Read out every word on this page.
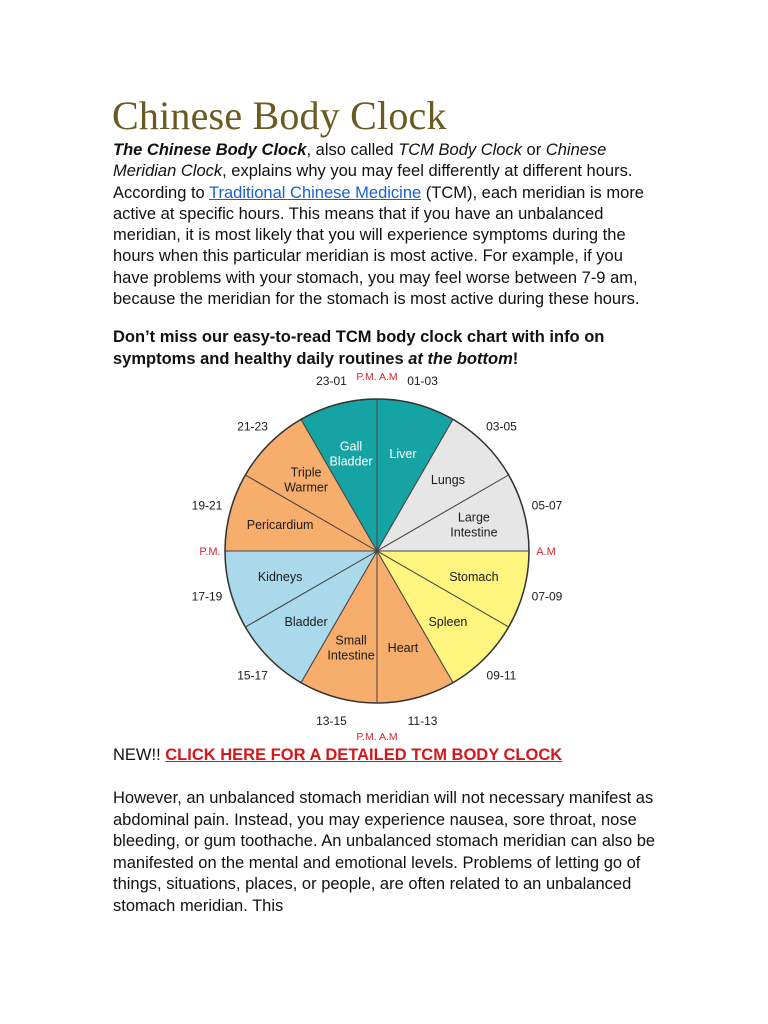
Chinese Body Clock

The Chinese Body Clock, also called TCM Body Clock or Chinese Meridian Clock, explains why you may feel differently at different hours. According to Traditional Chinese Medicine (TCM), each meridian is more active at specific hours. This means that if you have an unbalanced meridian, it is most likely that you will experience symptoms during the hours when this particular meridian is most active. For example, if you have problems with your stomach, you may feel worse between 7-9 am, because the meridian for the stomach is most active during these hours.

Don’t miss our easy-to-read TCM body clock chart with info on symptoms and healthy daily routines at the bottom!

Liver
01-03
Lungs
03-05
Large
Intestine
05-07
Stomach
07-09
Spleen
09-11
Heart
11-13
Small
Intestine
13-15
Bladder
15-17
Kidneys
17-19
Pericardium
19-21
Triple
Warmer
21-23
Gall
Bladder
23-01 P.M. A.M
P.M. A.M
P.M.	A.M

NEW!! CLICK HERE FOR A DETAILED TCM BODY CLOCK

However, an unbalanced stomach meridian will not necessary manifest as abdominal pain. Instead, you may experience nausea, sore throat, nose bleeding, or gum toothache. An unbalanced stomach meridian can also be manifested on the mental and emotional levels. Problems of letting go of things, situations, places, or people, are often related to an unbalanced stomach meridian. This
